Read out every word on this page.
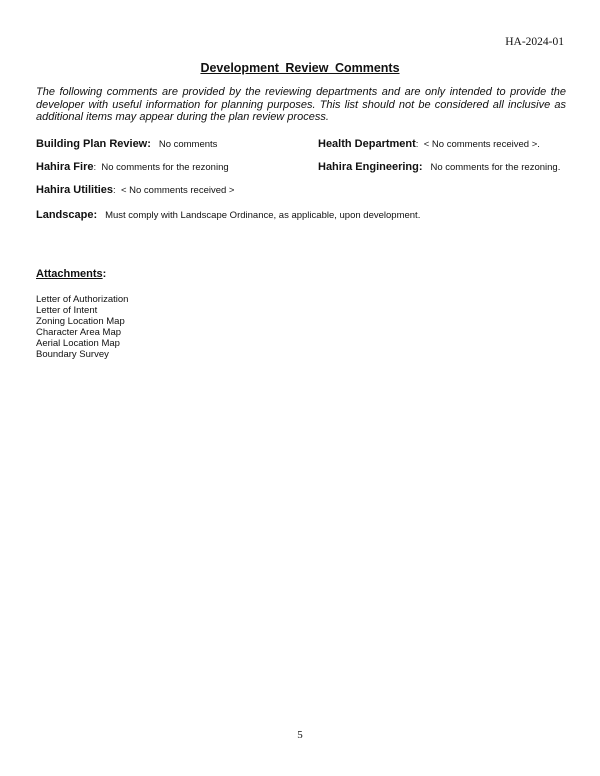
HA-2024-01
Development Review Comments
The following comments are provided by the reviewing departments and are only intended to provide the developer with useful information for planning purposes. This list should not be considered all inclusive as additional items may appear during the plan review process.
Building Plan Review: No comments	Health Department: < No comments received >.
Hahira Fire: No comments for the rezoning	Hahira Engineering: No comments for the rezoning.
Hahira Utilities: < No comments received >
Landscape: Must comply with Landscape Ordinance, as applicable, upon development.
Attachments:
Letter of Authorization
Letter of Intent
Zoning Location Map
Character Area Map
Aerial Location Map
Boundary Survey
5
